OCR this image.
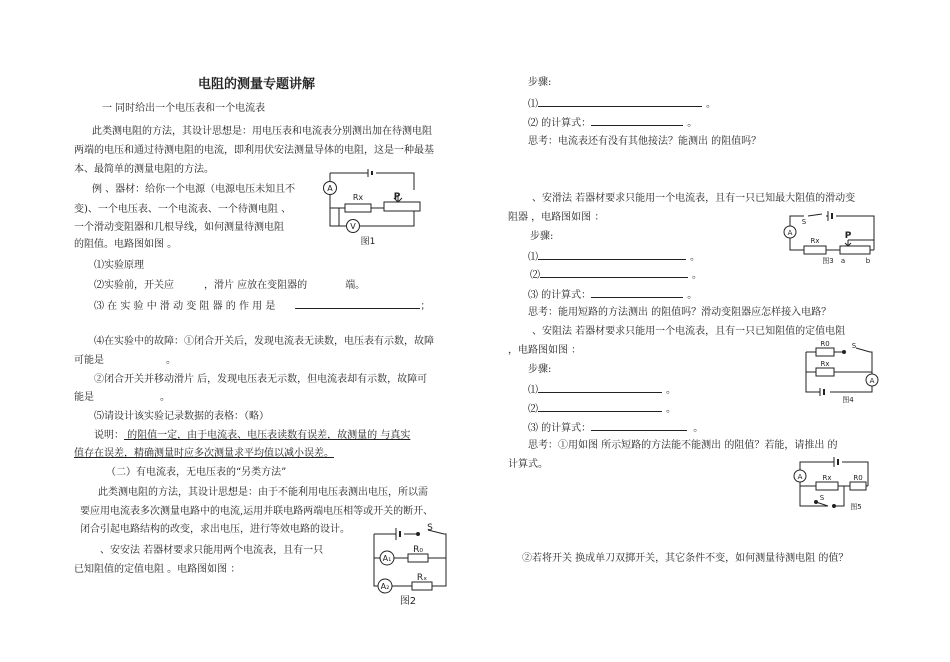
电阻的测量专题讲解
一 同时给出一个电压表和一个电流表
此类测电阻的方法，其设计思想是：用电压表和电流表分别测出加在待测电阻
两端的电压和通过待测电阻的电流，即利用伏安法测量导体的电阻，这是一种最基
本、最简单的测量电阻的方法。
例 、器材：给你一个电源（电源电压未知且不
变)、一个电压表、一个电流表、一个待测电阻 、
一个滑动变阻器和几根导线，如何测量待测电阻
的阻值。电路图如图 。
A
Rx	P
V
图1
⑴实验原理
⑵实验前，开关应	，滑片 应放在变阻器的	端。
⑶ 在 实 验 中 滑 动 变 阻 器 的 作 用 是	；
⑷在实验中的故障：①闭合开关后，发现电流表无读数，电压表有示数，故障
可能是	。
②闭合开关并移动滑片 后，发现电压表无示数，但电流表却有示数，故障可
能是	。
⑸请设计该实验记录数据的表格：（略）
说明： 的阻值一定，由于电流表、电压表读数有误差，故测量的 与真实
值存在误差，精确测量时应多次测量求平均值以减小误差。
（二）有电流表，无电压表的“另类方法”
此类测电阻的方法，其设计思想是：由于不能利用电压表测出电压，所以需
要应用电流表多次测量电路中的电流,运用并联电路两端电压相等或开关的断开、
闭合引起电路结构的改变，求出电压，进行等效电路的设计。
、安安法 若器材要求只能用两个电流表，且有一只
已知阻值的定值电阻 。电路图如图 ：
S
R₀
A₁
Rₓ
A₂
图2
步骤:
⑴	。
⑵ 的计算式：	。
思考：电流表还有没有其他接法？能测出 的阻值吗？
、安滑法 若器材要求只能用一个电流表，且有一只已知最大阻值的滑动变
阻器 ，电路图如图 ：
步骤:
⑴	。
⑵	。
⑶ 的计算式：	。
S
A
Rx	P
图3 a	b
思考：能用短路的方法测出 的阻值吗？滑动变阻器应怎样接入电路？
、安阻法 若器材要求只能用一个电流表，且有一只已知阻值的定值电阻
，电路图如图 ：
步骤:
⑴	。
⑵	。
⑶ 的计算式：	。
R0	S
Rx
A
图4
思考：①用如图 所示短路的方法能不能测出 的阻值？若能，请推出 的
计算式。
A	Rx	R0
S
图5
②若将开关 换成单刀双掷开关，其它条件不变，如何测量待测电阻 的值？
